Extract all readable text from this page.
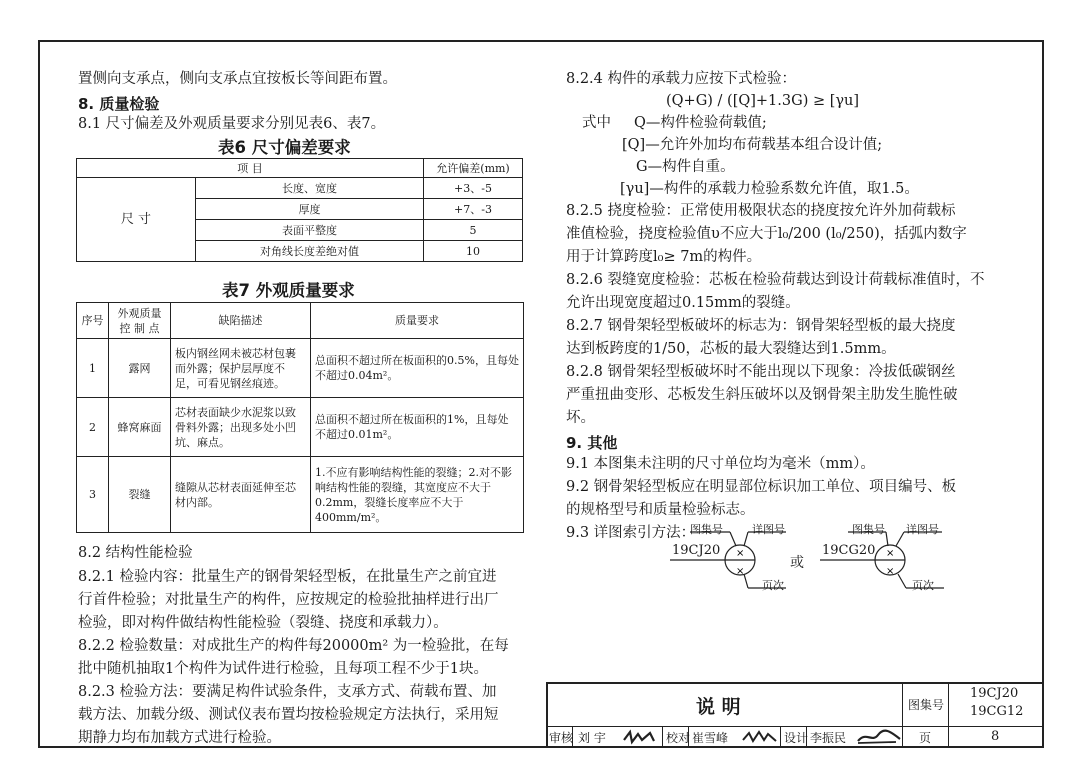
置侧向支承点，侧向支承点宜按板长等间距布置。
8. 质量检验
8.1 尺寸偏差及外观质量要求分别见表6、表7。
表6 尺寸偏差要求
项 目		允许偏差(mm)
尺 寸	长度、宽度	+3、-5
	厚度	+7、-3
	表面平整度	5
	对角线长度差绝对值	10
表7 外观质量要求
序号	外观质量控 制 点	缺陷描述	质量要求
1	露网	板内钢丝网未被芯材包裹而外露；保护层厚度不足，可看见钢丝痕迹。	总面积不超过所在板面积的0.5%，且每处不超过0.04m²。
2	蜂窝麻面	芯材表面缺少水泥浆以致骨料外露；出现多处小凹坑、麻点。	总面积不超过所在板面积的1%，且每处不超过0.01m²。
3	裂缝	缝隙从芯材表面延伸至芯材内部。	1.不应有影响结构性能的裂缝；2.对不影响结构性能的裂缝，其宽度应不大于0.2mm，裂缝长度率应不大于400mm/m²。
8.2 结构性能检验
8.2.1 检验内容：批量生产的钢骨架轻型板，在批量生产之前宜进
行首件检验；对批量生产的构件，应按规定的检验批抽样进行出厂
检验，即对构件做结构性能检验（裂缝、挠度和承载力）。
8.2.2 检验数量：对成批生产的构件每20000m² 为一检验批，在每
批中随机抽取1个构件为试件进行检验，且每项工程不少于1块。
8.2.3 检验方法：要满足构件试验条件，支承方式、荷载布置、加
载方法、加载分级、测试仪表布置均按检验规定方法执行，采用短
期静力均布加载方式进行检验。
8.2.4 构件的承载力应按下式检验：
(Q+G) / ([Q]+1.3G) ≥ [γu]
式中 Q—构件检验荷载值;
[Q]—允许外加均布荷载基本组合设计值;
G—构件自重。
[γu]—构件的承载力检验系数允许值，取1.5。
8.2.5 挠度检验：正常使用极限状态的挠度按允许外加荷载标
准值检验，挠度检验值υ不应大于l₀/200 (l₀/250)，括弧内数字
用于计算跨度l₀≥ 7m的构件。
8.2.6 裂缝宽度检验：芯板在检验荷载达到设计荷载标准值时，不
允许出现宽度超过0.15mm的裂缝。
8.2.7 钢骨架轻型板破坏的标志为：钢骨架轻型板的最大挠度
达到板跨度的1/50，芯板的最大裂缝达到1.5mm。
8.2.8 钢骨架轻型板破坏时不能出现以下现象：冷拔低碳钢丝
严重扭曲变形、芯板发生斜压破坏以及钢骨架主肋发生脆性破
坏。
9. 其他
9.1 本图集未注明的尺寸单位均为毫米（mm）。
9.2 钢骨架轻型板应在明显部位标识加工单位、项目编号、板
的规格型号和质量检验标志。
9.3 详图索引方法：
×
×
×
×
图集号	详图号
页次
19CJ20
或
图集号 详图号
页次
19CG20
说 明	图集号
19CJ20
19CG12
审核 刘 宇	校对 崔雪峰	设计 李振民	页	8
